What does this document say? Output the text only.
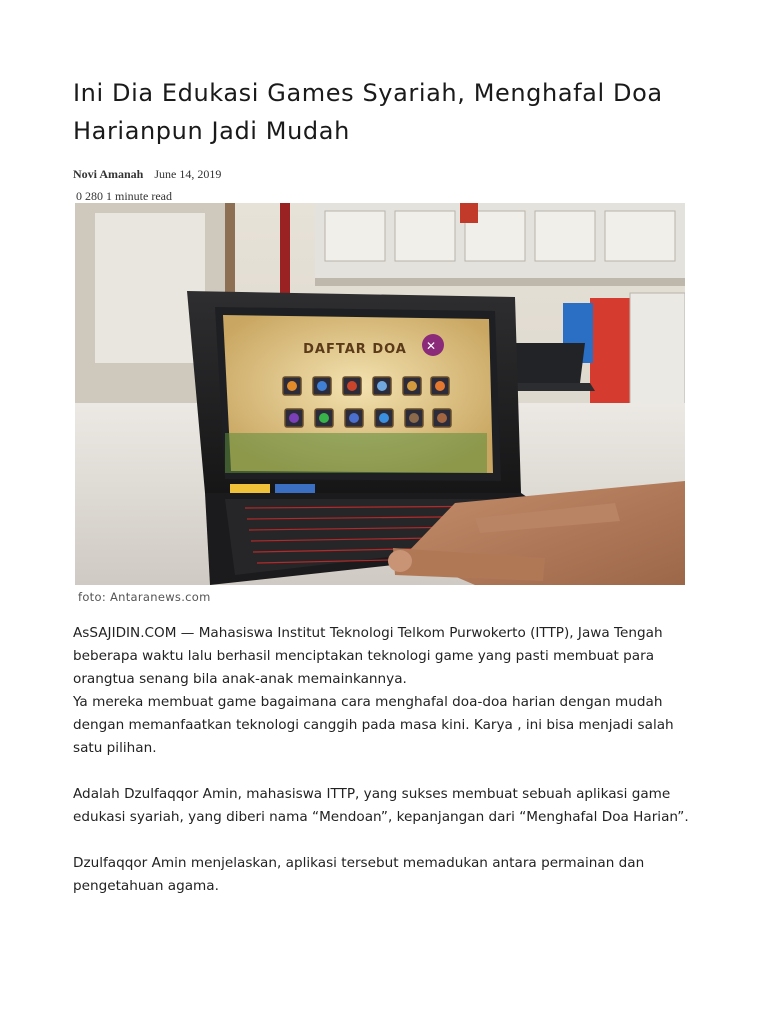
Ini Dia Edukasi Games Syariah, Menghafal Doa Harianpun Jadi Mudah
Novi Amanah June 14, 2019
0 280 1 minute read
✕
DAFTAR DOA
foto: Antaranews.com

AsSAJIDIN.COM — Mahasiswa Institut Teknologi Telkom Purwokerto (ITTP), Jawa Tengah beberapa waktu lalu berhasil menciptakan teknologi game yang pasti membuat para orangtua senang bila anak-anak memainkannya.

Ya mereka membuat game bagaimana cara menghafal doa-doa harian dengan mudah dengan memanfaatkan teknologi canggih pada masa kini. Karya , ini bisa menjadi salah satu pilihan.

Adalah Dzulfaqqor Amin, mahasiswa ITTP, yang sukses membuat sebuah aplikasi game edukasi syariah, yang diberi nama “Mendoan”, kepanjangan dari “Menghafal Doa Harian”.

Dzulfaqqor Amin menjelaskan, aplikasi tersebut memadukan antara permainan dan pengetahuan agama.
